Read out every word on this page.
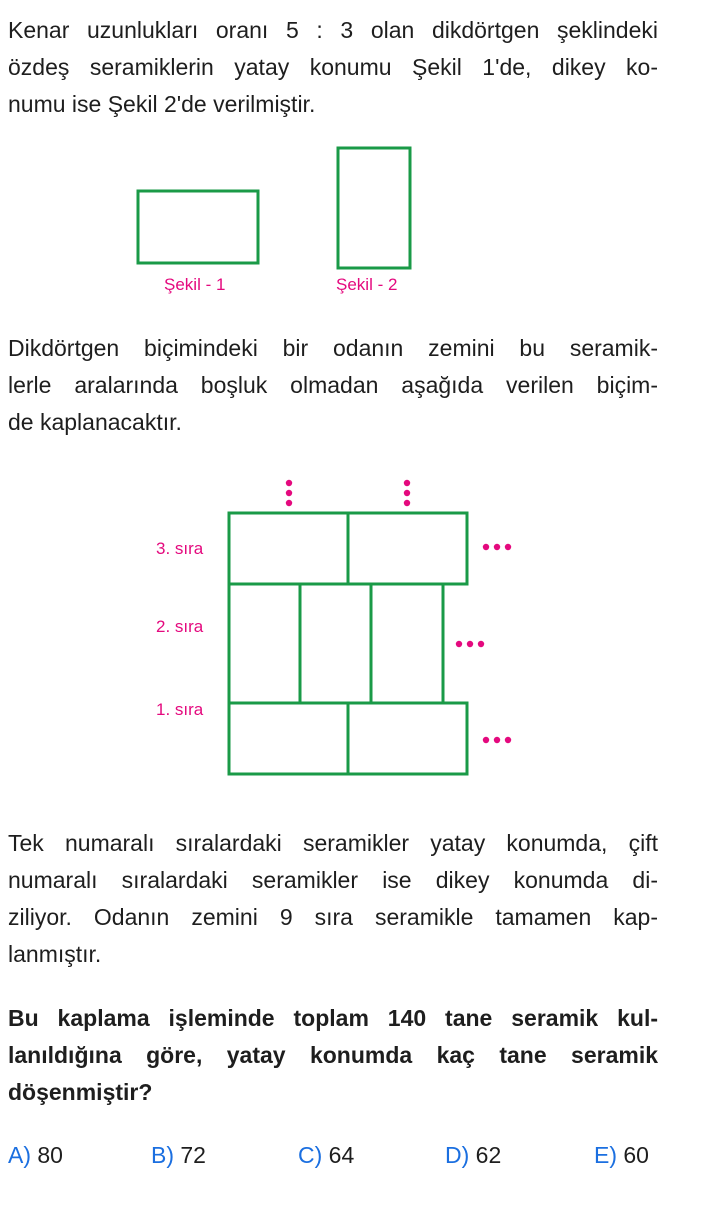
Kenar uzunlukları oranı 5 : 3 olan dikdörtgen şeklindeki
özdeş seramiklerin yatay konumu Şekil 1'de, dikey ko-
numu ise Şekil 2'de verilmiştir.
Şekil - 1	Şekil - 2
Dikdörtgen biçimindeki bir odanın zemini bu seramik-
lerle aralarında boşluk olmadan aşağıda verilen biçim-
de kaplanacaktır.
3. sıra
2. sıra
1. sıra
Tek numaralı sıralardaki seramikler yatay konumda, çift
numaralı sıralardaki seramikler ise dikey konumda di-
ziliyor. Odanın zemini 9 sıra seramikle tamamen kap-
lanmıştır.
Bu kaplama işleminde toplam 140 tane seramik kul-
lanıldığına göre, yatay konumda kaç tane seramik
döşenmiştir?
A) 80	B) 72	C) 64	D) 62	E) 60
